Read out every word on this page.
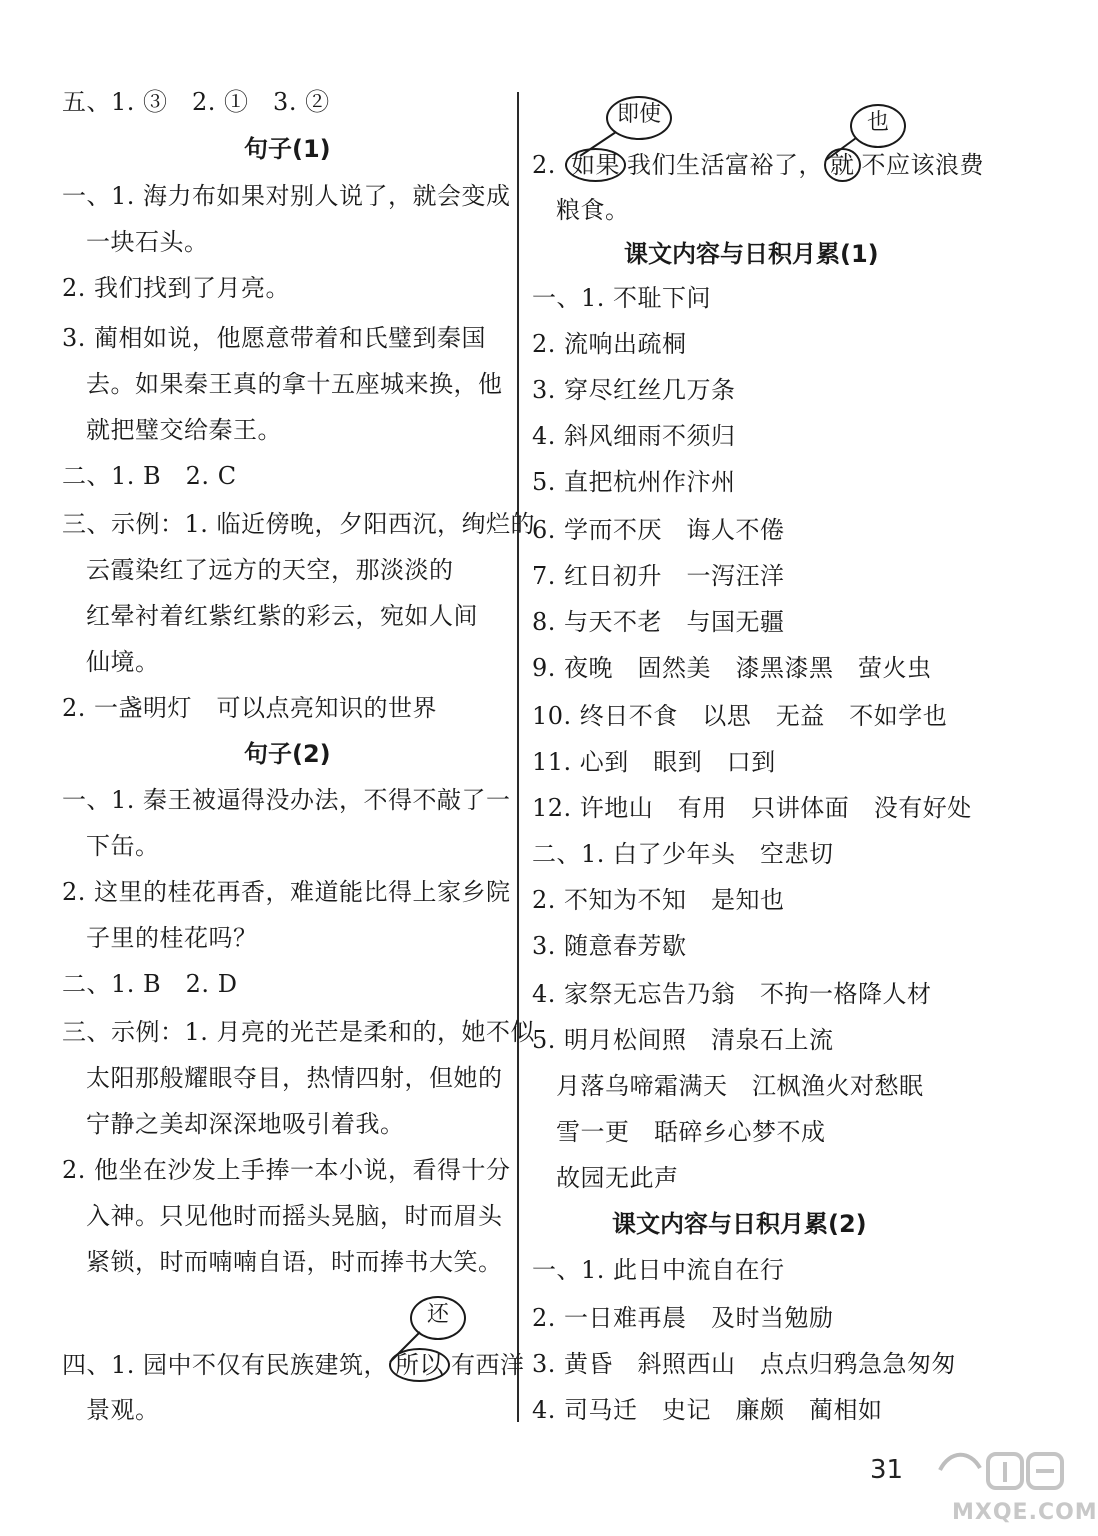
五、1. ③　2. ①　3. ②
句子(1)
一、1. 海力布如果对别人说了，就会变成
一块石头。
2. 我们找到了月亮。
3. 蔺相如说，他愿意带着和氏璧到秦国
去。如果秦王真的拿十五座城来换，他
就把璧交给秦王。
二、1. B　2. C
三、示例：1. 临近傍晚，夕阳西沉，绚烂的
云霞染红了远方的天空，那淡淡的
红晕衬着红紫红紫的彩云，宛如人间
仙境。
2. 一盏明灯　可以点亮知识的世界
句子(2)
一、1. 秦王被逼得没办法，不得不敲了一
下缶。
2. 这里的桂花再香，难道能比得上家乡院
子里的桂花吗？
二、1. B　2. D
三、示例：1. 月亮的光芒是柔和的，她不似
太阳那般耀眼夺目，热情四射，但她的
宁静之美却深深地吸引着我。
2. 他坐在沙发上手捧一本小说，看得十分
入神。只见他时而摇头晃脑，时而眉头
紧锁，时而喃喃自语，时而捧书大笑。
还
四、1. 园中不仅有民族建筑， 所以 有西洋
景观。
即使	也
2. 如果 我们生活富裕了， 就 不应该浪费
粮食。
课文内容与日积月累(1)
一、1. 不耻下问
2. 流响出疏桐
3. 穿尽红丝几万条
4. 斜风细雨不须归
5. 直把杭州作汴州
6. 学而不厌　诲人不倦
7. 红日初升　一泻汪洋
8. 与天不老　与国无疆
9. 夜晚　固然美　漆黑漆黑　萤火虫
10. 终日不食　以思　无益　不如学也
11. 心到　眼到　口到
12. 许地山　有用　只讲体面　没有好处
二、1. 白了少年头　空悲切
2. 不知为不知　是知也
3. 随意春芳歇
4. 家祭无忘告乃翁　不拘一格降人材
5. 明月松间照　清泉石上流
月落乌啼霜满天　江枫渔火对愁眠
雪一更　聒碎乡心梦不成
故园无此声
课文内容与日积月累(2)
一、1. 此日中流自在行
2. 一日难再晨　及时当勉励
3. 黄昏　斜照西山　点点归鸦急急匆匆
4. 司马迁　史记　廉颇　蔺相如
31
MXQE.COM
